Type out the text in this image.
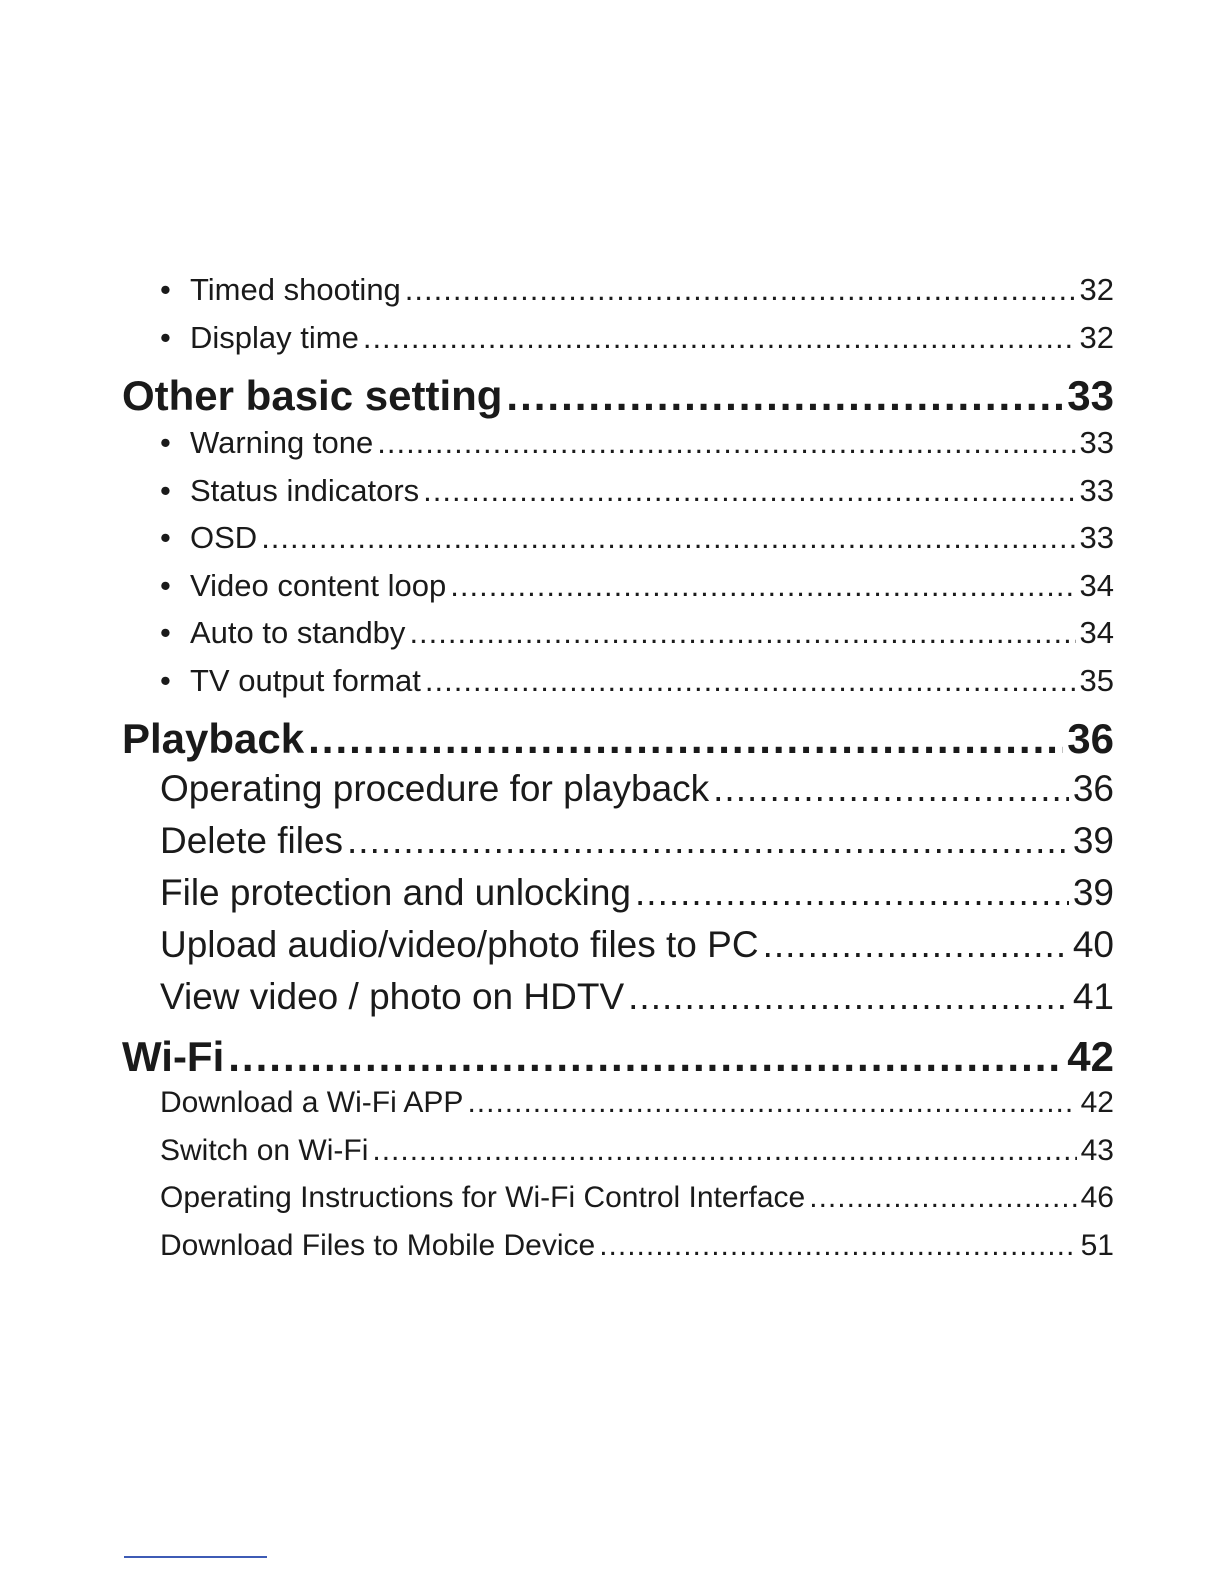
• Timed shooting .....	32
• Display time .....	32
Other basic setting .....	33
• Warning tone .....	33
• Status indicators .....	33
• OSD .....	33
• Video content loop .....	34
• Auto to standby .....	34
• TV output format .....	35
Playback .....	36
Operating procedure for playback .....	36
Delete files .....	39
File protection and unlocking .....	39
Upload audio/video/photo files to PC .....	40
View video / photo on HDTV .....	41
Wi-Fi .....	42
Download a Wi-Fi APP .....	42
Switch on Wi-Fi .....	43
Operating Instructions for Wi-Fi Control Interface .....	46
Download Files to Mobile Device .....	51
